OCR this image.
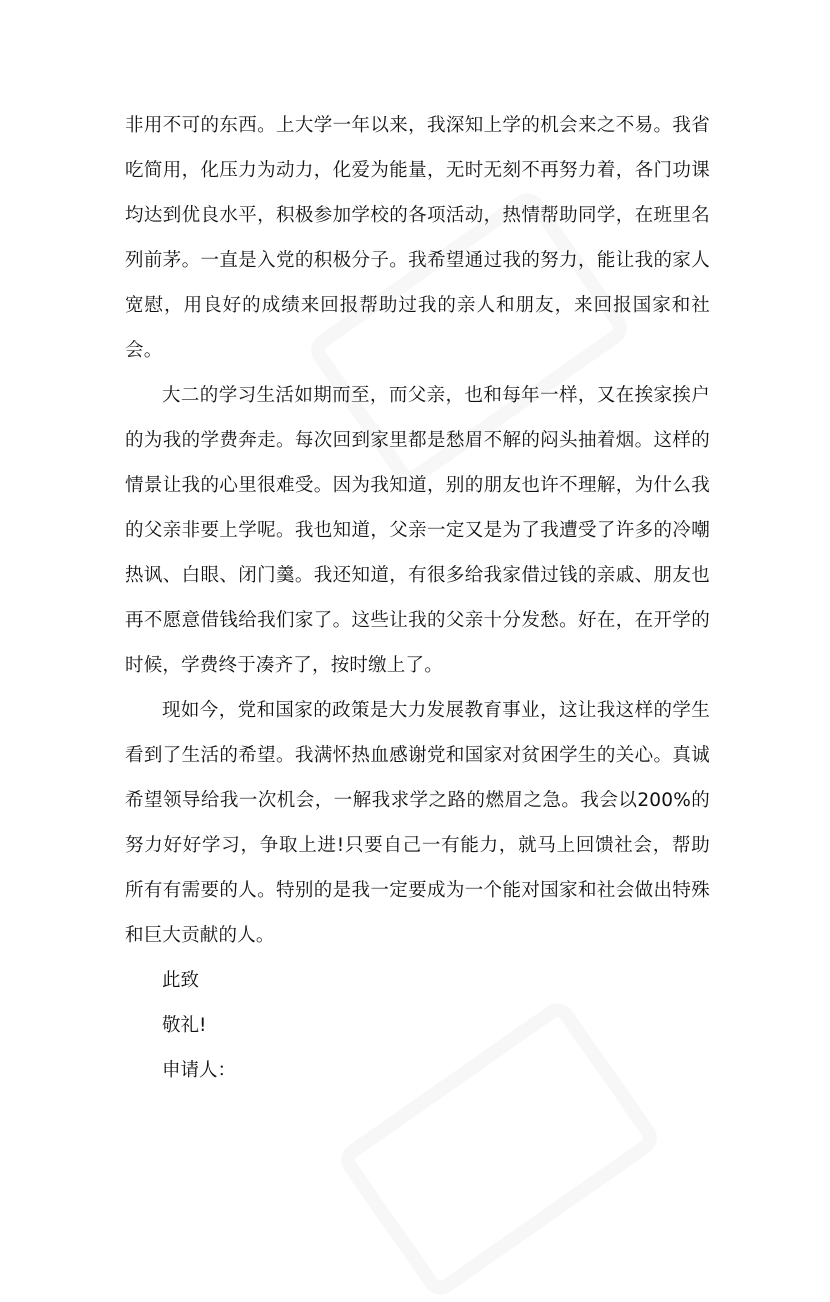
非用不可的东西。上大学一年以来，我深知上学的机会来之不易。我省吃简用，化压力为动力，化爱为能量，无时无刻不再努力着，各门功课均达到优良水平，积极参加学校的各项活动，热情帮助同学，在班里名列前茅。一直是入党的积极分子。我希望通过我的努力，能让我的家人宽慰，用良好的成绩来回报帮助过我的亲人和朋友，来回报国家和社会。

大二的学习生活如期而至，而父亲，也和每年一样，又在挨家挨户的为我的学费奔走。每次回到家里都是愁眉不解的闷头抽着烟。这样的情景让我的心里很难受。因为我知道，别的朋友也许不理解，为什么我的父亲非要上学呢。我也知道，父亲一定又是为了我遭受了许多的冷嘲热讽、白眼、闭门羹。我还知道，有很多给我家借过钱的亲戚、朋友也再不愿意借钱给我们家了。这些让我的父亲十分发愁。好在，在开学的时候，学费终于凑齐了，按时缴上了。

现如今，党和国家的政策是大力发展教育事业，这让我这样的学生看到了生活的希望。我满怀热血感谢党和国家对贫困学生的关心。真诚希望领导给我一次机会，一解我求学之路的燃眉之急。我会以200%的努力好好学习，争取上进!只要自己一有能力，就马上回馈社会，帮助所有有需要的人。特别的是我一定要成为一个能对国家和社会做出特殊和巨大贡献的人。

此致

敬礼!

申请人：
